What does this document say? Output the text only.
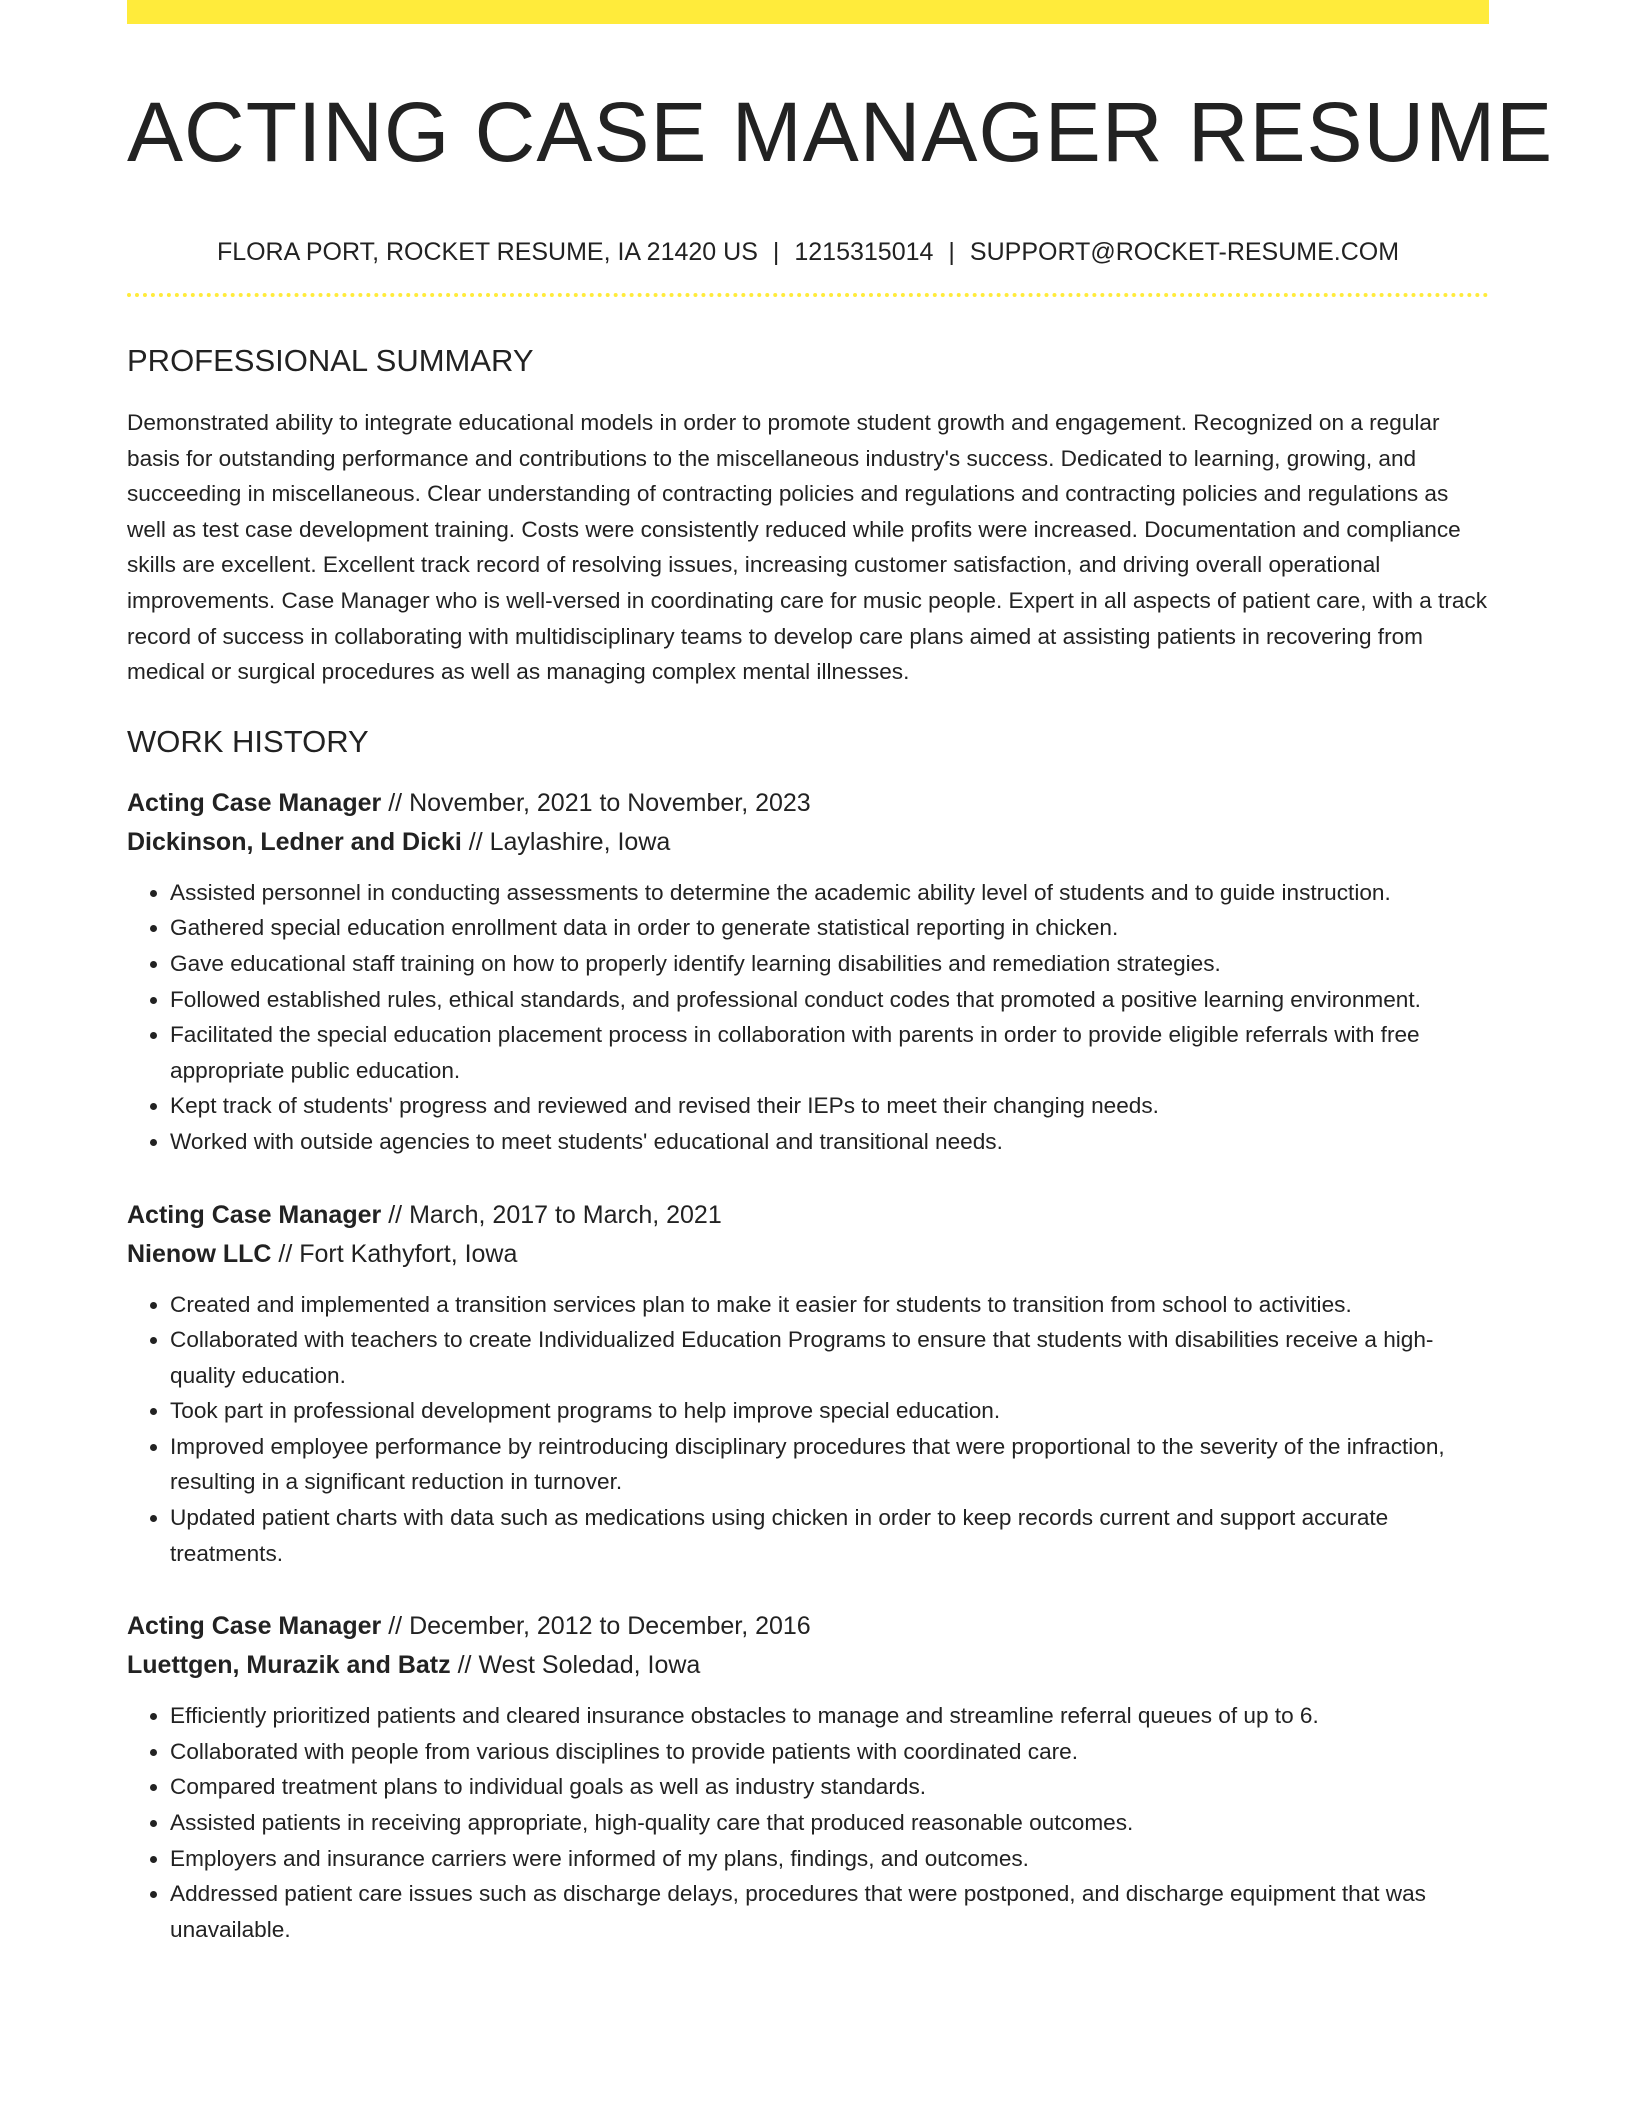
ACTING CASE MANAGER RESUME
FLORA PORT, ROCKET RESUME, IA 21420 US | 1215315014 | SUPPORT@ROCKET-RESUME.COM
PROFESSIONAL SUMMARY
Demonstrated ability to integrate educational models in order to promote student growth and engagement. Recognized on a regular basis for outstanding performance and contributions to the miscellaneous industry's success. Dedicated to learning, growing, and succeeding in miscellaneous. Clear understanding of contracting policies and regulations and contracting policies and regulations as well as test case development training. Costs were consistently reduced while profits were increased. Documentation and compliance skills are excellent. Excellent track record of resolving issues, increasing customer satisfaction, and driving overall operational improvements. Case Manager who is well-versed in coordinating care for music people. Expert in all aspects of patient care, with a track record of success in collaborating with multidisciplinary teams to develop care plans aimed at assisting patients in recovering from medical or surgical procedures as well as managing complex mental illnesses.
WORK HISTORY
Acting Case Manager // November, 2021 to November, 2023
Dickinson, Ledner and Dicki // Laylashire, Iowa
• Assisted personnel in conducting assessments to determine the academic ability level of students and to guide instruction.
• Gathered special education enrollment data in order to generate statistical reporting in chicken.
• Gave educational staff training on how to properly identify learning disabilities and remediation strategies.
• Followed established rules, ethical standards, and professional conduct codes that promoted a positive learning environment.
• Facilitated the special education placement process in collaboration with parents in order to provide eligible referrals with free appropriate public education.
• Kept track of students' progress and reviewed and revised their IEPs to meet their changing needs.
• Worked with outside agencies to meet students' educational and transitional needs.
Acting Case Manager // March, 2017 to March, 2021
Nienow LLC // Fort Kathyfort, Iowa
• Created and implemented a transition services plan to make it easier for students to transition from school to activities.
• Collaborated with teachers to create Individualized Education Programs to ensure that students with disabilities receive a high-quality education.
• Took part in professional development programs to help improve special education.
• Improved employee performance by reintroducing disciplinary procedures that were proportional to the severity of the infraction, resulting in a significant reduction in turnover.
• Updated patient charts with data such as medications using chicken in order to keep records current and support accurate treatments.
Acting Case Manager // December, 2012 to December, 2016
Luettgen, Murazik and Batz // West Soledad, Iowa
• Efficiently prioritized patients and cleared insurance obstacles to manage and streamline referral queues of up to 6.
• Collaborated with people from various disciplines to provide patients with coordinated care.
• Compared treatment plans to individual goals as well as industry standards.
• Assisted patients in receiving appropriate, high-quality care that produced reasonable outcomes.
• Employers and insurance carriers were informed of my plans, findings, and outcomes.
• Addressed patient care issues such as discharge delays, procedures that were postponed, and discharge equipment that was unavailable.
